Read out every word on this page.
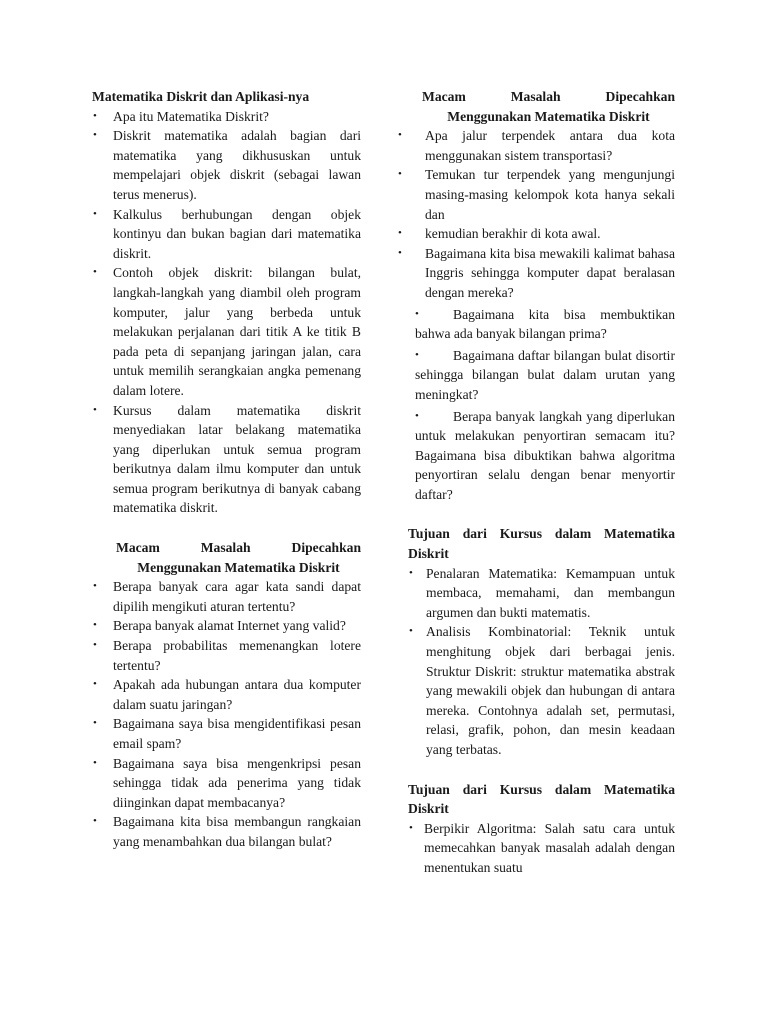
Matematika Diskrit dan Aplikasi-nya

• Apa itu Matematika Diskrit?
• Diskrit matematika adalah bagian dari matematika yang dikhususkan untuk mempelajari objek diskrit (sebagai lawan terus menerus).
• Kalkulus berhubungan dengan objek kontinyu dan bukan bagian dari matematika diskrit.
• Contoh objek diskrit: bilangan bulat, langkah-langkah yang diambil oleh program komputer, jalur yang berbeda untuk melakukan perjalanan dari titik A ke titik B pada peta di sepanjang jaringan jalan, cara untuk memilih serangkaian angka pemenang dalam lotere.
• Kursus dalam matematika diskrit menyediakan latar belakang matematika yang diperlukan untuk semua program berikutnya dalam ilmu komputer dan untuk semua program berikutnya di banyak cabang matematika diskrit.

Macam Masalah Dipecahkan
Menggunakan Matematika Diskrit

• Berapa banyak cara agar kata sandi dapat dipilih mengikuti aturan tertentu?
• Berapa banyak alamat Internet yang valid?
• Berapa probabilitas memenangkan lotere tertentu?
• Apakah ada hubungan antara dua komputer dalam suatu jaringan?
• Bagaimana saya bisa mengidentifikasi pesan email spam?
• Bagaimana saya bisa mengenkripsi pesan sehingga tidak ada penerima yang tidak diinginkan dapat membacanya?
• Bagaimana kita bisa membangun rangkaian yang menambahkan dua bilangan bulat?

Macam Masalah Dipecahkan
Menggunakan Matematika Diskrit

• Apa jalur terpendek antara dua kota menggunakan sistem transportasi?
• Temukan tur terpendek yang mengunjungi masing-masing kelompok kota hanya sekali dan
• kemudian berakhir di kota awal.
• Bagaimana kita bisa mewakili kalimat bahasa Inggris sehingga komputer dapat beralasan dengan mereka?
•	Bagaimana kita bisa membuktikan bahwa ada banyak bilangan prima?
•	Bagaimana daftar bilangan bulat disortir sehingga bilangan bulat dalam urutan yang meningkat?
•	Berapa banyak langkah yang diperlukan untuk melakukan penyortiran semacam itu? Bagaimana bisa dibuktikan bahwa algoritma penyortiran selalu dengan benar menyortir daftar?

Tujuan dari Kursus dalam Matematika Diskrit

• Penalaran Matematika: Kemampuan untuk membaca, memahami, dan membangun argumen dan bukti matematis.
• Analisis Kombinatorial: Teknik untuk menghitung objek dari berbagai jenis. Struktur Diskrit: struktur matematika abstrak yang mewakili objek dan hubungan di antara mereka. Contohnya adalah set, permutasi, relasi, grafik, pohon, dan mesin keadaan yang terbatas.

Tujuan dari Kursus dalam Matematika Diskrit

• Berpikir Algoritma: Salah satu cara untuk memecahkan banyak masalah adalah dengan menentukan suatu
